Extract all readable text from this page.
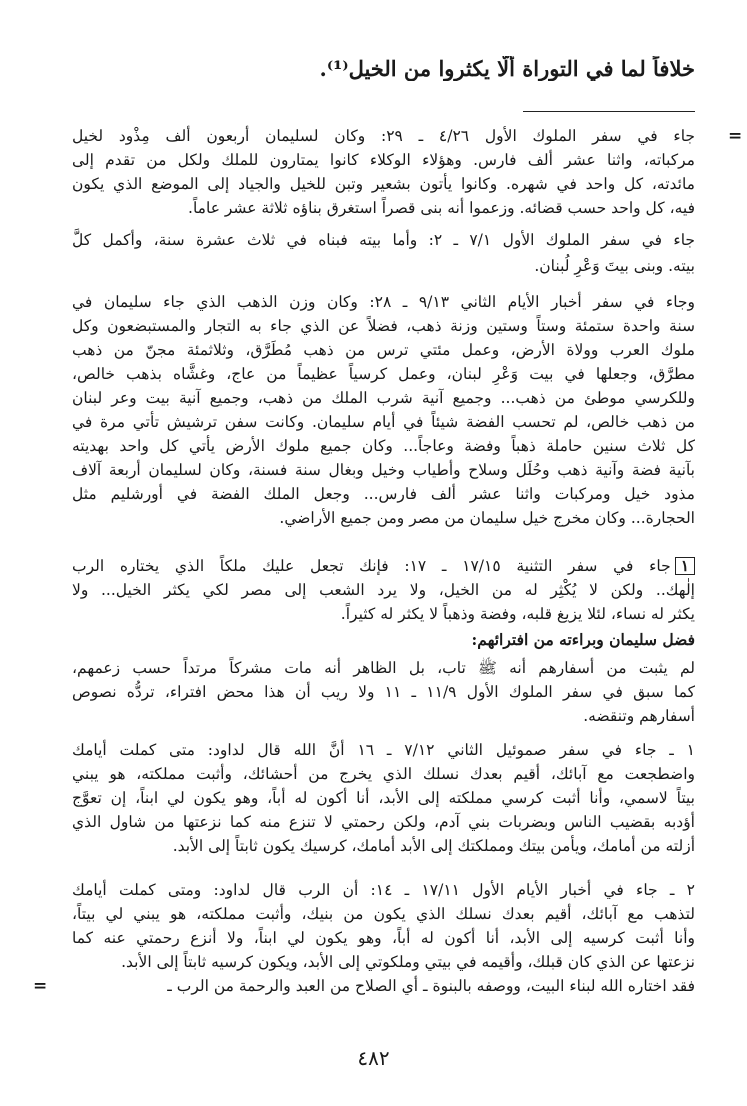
خلافاً لما في التوراة ألّا يكثروا من الخيل⁽¹⁾.
=
جاء في سفر الملوك الأول ٤/٢٦ ـ ٢٩: وكان لسليمان أربعون ألف مِذْود لخيل
مركباته، واثنا عشر ألف فارس. وهؤلاء الوكلاء كانوا يمتارون للملك ولكل من تقدم إلى
مائدته، كل واحد في شهره. وكانوا يأتون بشعير وتبن للخيل والجياد إلى الموضع الذي يكون
فيه، كل واحد حسب قضائه. وزعموا أنه بنى قصراً استغرق بناؤه ثلاثة عشر عاماً.
جاء في سفر الملوك الأول ٧/١ ـ ٢: وأما بيته فبناه في ثلاث عشرة سنة، وأكمل كلَّ
بيته. وبنى بيتَ وَعْرِ لُبنان.
وجاء في سفر أخبار الأيام الثاني ٩/١٣ ـ ٢٨: وكان وزن الذهب الذي جاء سليمان في
سنة واحدة ستمئة وستاً وستين وزنة ذهب، فضلاً عن الذي جاء به التجار والمستبضعون وكل
ملوك العرب وولاة الأرض، وعمل مئتي ترس من ذهب مُطَرَّق، وثلاثمئة مجنّ من ذهب
مطرَّق، وجعلها في بيت وَعْرِ لبنان، وعمل كرسياً عظيماً من عاج، وغشَّاه بذهب خالص،
وللكرسي موطئ من ذهب... وجميع آنية شرب الملك من ذهب، وجميع آنية بيت وعر لبنان
من ذهب خالص، لم تحسب الفضة شيئاً في أيام سليمان. وكانت سفن ترشيش تأتي مرة في
كل ثلاث سنين حاملة ذهباً وفضة وعاجاً... وكان جميع ملوك الأرض يأتي كل واحد بهديته
بآنية فضة وآنية ذهب وحُلَل وسلاح وأطياب وخيل وبغال سنة فسنة، وكان لسليمان أربعة آلاف
مذود خيل ومركبات واثنا عشر ألف فارس... وجعل الملك الفضة في أورشليم مثل
الحجارة... وكان مخرج خيل سليمان من مصر ومن جميع الأراضي.
١جاء في سفر التثنية ١٧/١٥ ـ ١٧: فإنك تجعل عليك ملكاً الذي يختاره الرب
إلٰهك.. ولكن لا يُكْثِر له من الخيل، ولا يرد الشعب إلى مصر لكي يكثر الخيل... ولا
يكثر له نساء، لئلا يزيغ قلبه، وفضة وذهباً لا يكثر له كثيراً.
فضل سليمان وبراءته من افترائهم:
لم يثبت من أسفارهم أنه ﷺ تاب، بل الظاهر أنه مات مشركاً مرتداً حسب زعمهم،
كما سبق في سفر الملوك الأول ١١/٩ ـ ١١ ولا ريب أن هذا محض افتراء، تردُّه نصوص
أسفارهم وتنقضه.
١ ـ جاء في سفر صموئيل الثاني ٧/١٢ ـ ١٦ أنَّ الله قال لداود: متى كملت أيامك
واضطجعت مع آبائك، أقيم بعدك نسلك الذي يخرج من أحشائك، وأثبت مملكته، هو يبني
بيتاً لاسمي، وأنا أثبت كرسي مملكته إلى الأبد، أنا أكون له أباً، وهو يكون لي ابناً، إن تعوَّج
أؤدبه بقضيب الناس وبضربات بني آدم، ولكن رحمتي لا تنزع منه كما نزعتها من شاول الذي
أزلته من أمامك، ويأمن بيتك ومملكتك إلى الأبد أمامك، كرسيك يكون ثابتاً إلى الأبد.
٢ ـ جاء في أخبار الأيام الأول ١٧/١١ ـ ١٤: أن الرب قال لداود: ومتى كملت أيامك
لتذهب مع آبائك، أقيم بعدك نسلك الذي يكون من بنيك، وأثبت مملكته، هو يبني لي بيتاً،
وأنا أثبت كرسيه إلى الأبد، أنا أكون له أباً، وهو يكون لي ابناً، ولا أنزع رحمتي عنه كما
نزعتها عن الذي كان قبلك، وأقيمه في بيتي وملكوتي إلى الأبد، ويكون كرسيه ثابتاً إلى الأبد.
فقد اختاره الله لبناء البيت، ووصفه بالبنوة ـ أي الصلاح من العبد والرحمة من الرب ـ
=
٤٨٢
